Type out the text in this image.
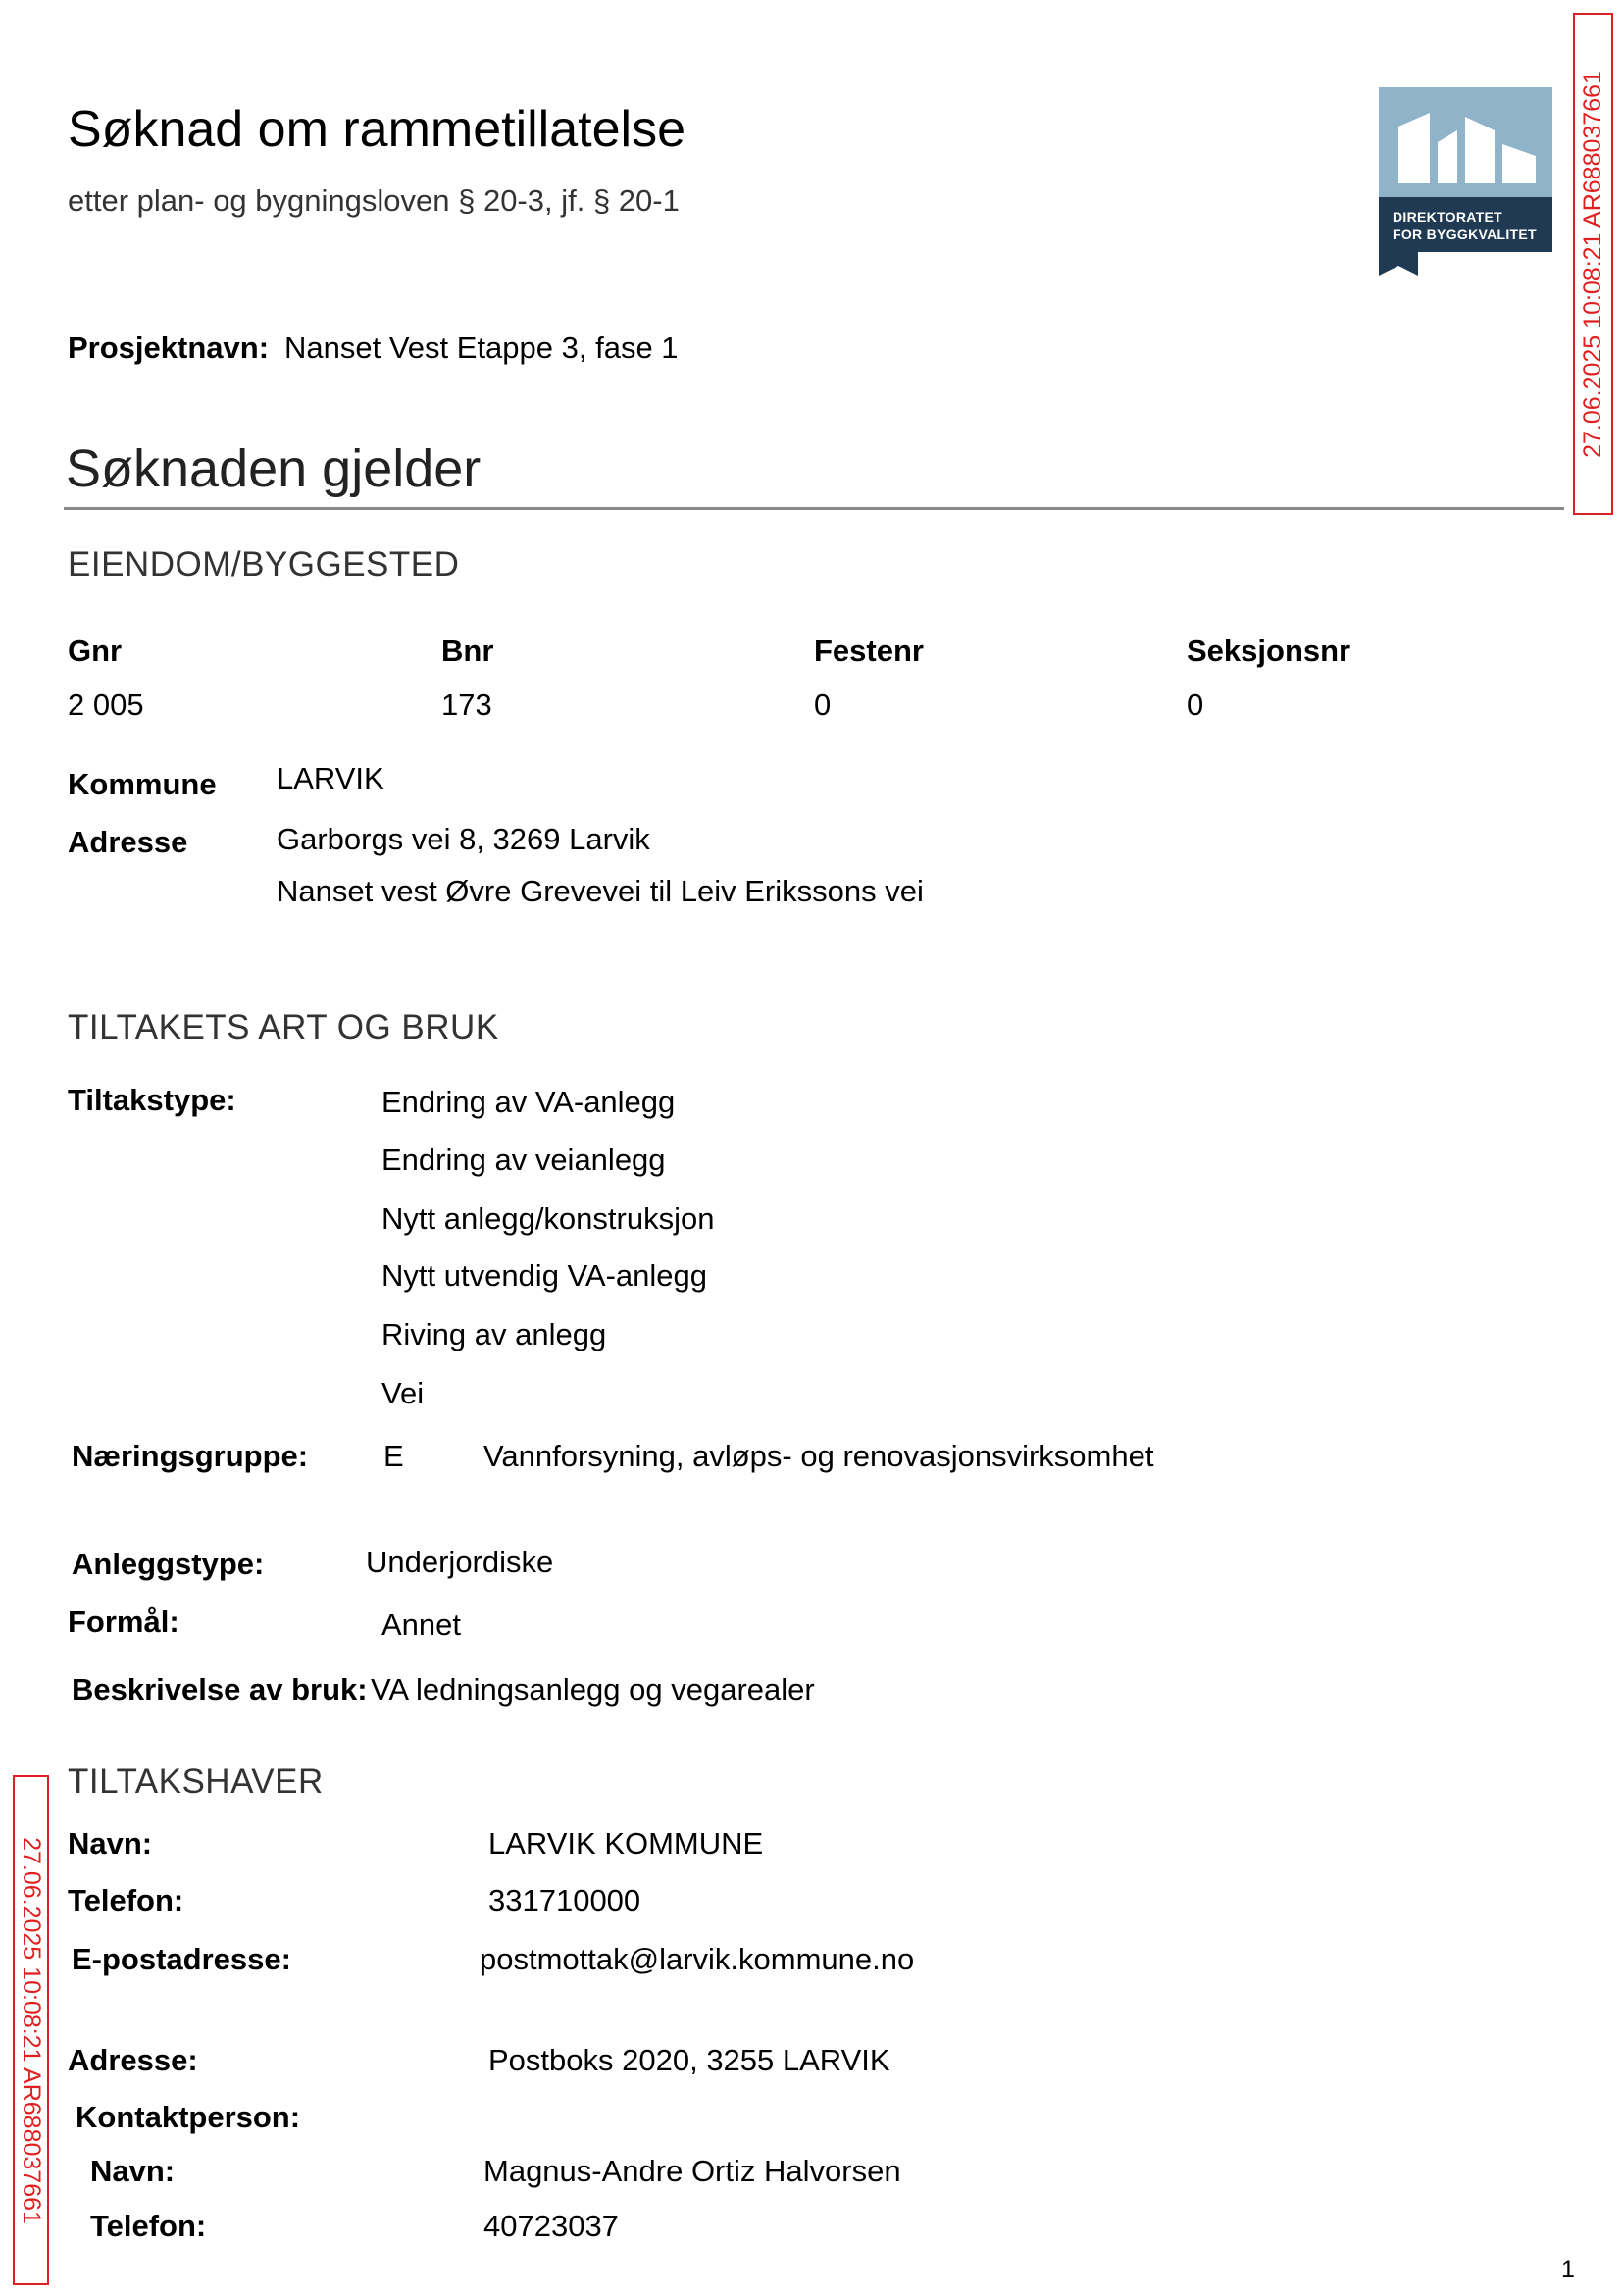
Søknad om rammetillatelse
etter plan- og bygningsloven § 20-3, jf. § 20-1	DIREKTORATET
FOR BYGGKVALITET 27.06.2025 10:08:21 AR688037661
27.06.2025 10:08:21 AR688037661
Prosjektnavn: Nanset Vest Etappe 3, fase 1
Søknaden gjelder
EIENDOM/BYGGESTED
Gnr	Bnr	Festenr	Seksjonsnr
2 005	173	0	0
Kommune LARVIK
Adresse	Garborgs vei 8, 3269 Larvik
Nanset vest Øvre Grevevei til Leiv Erikssons vei
TILTAKETS ART OG BRUK
Tiltakstype:	Endring av VA-anlegg
Endring av veianlegg
Nytt anlegg/konstruksjon
Nytt utvendig VA-anlegg
Riving av anlegg
Vei
Næringsgruppe: E	Vannforsyning, avløps- og renovasjonsvirksomhet
Anleggstype:	Underjordiske
Formål:	Annet
Beskrivelse av bruk: VA ledningsanlegg og vegarealer
TILTAKSHAVER
Navn:	LARVIK KOMMUNE
Telefon:	331710000
E-postadresse:	postmottak@larvik.kommune.no
Adresse:	Postboks 2020, 3255 LARVIK
Kontaktperson:
Navn:	Magnus-Andre Ortiz Halvorsen
Telefon:	40723037
1
